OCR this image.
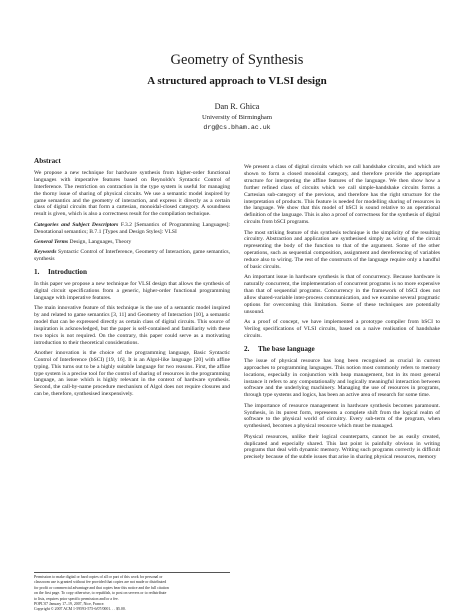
Geometry of Synthesis
A structured approach to VLSI design
Dan R. Ghica
University of Birmingham
drg@cs.bham.ac.uk
Abstract

We propose a new technique for hardware synthesis from higher-order functional languages with imperative features based on Reynolds's Syntactic Control of Interference. The restriction on contraction in the type system is useful for managing the thorny issue of sharing of physical circuits. We use a semantic model inspired by game semantics and the geometry of interaction, and express it directly as a certain class of digital circuits that form a cartesian, monoidal-closed category. A soundness result is given, which is also a correctness result for the compilation technique.

Categories and Subject Descriptors F.3.2 [Semantics of Programming Languages]: Denotational semantics; B.7.1 [Types and Design Styles]: VLSI
General Terms Design, Languages, Theory
Keywords Syntactic Control of Interference, Geometry of Interaction, game semantics, synthesis
1. Introduction

In this paper we propose a new technique for VLSI design that allows the synthesis of digital circuit specifications from a generic, higher-order functional programming language with imperative features.

The main innovative feature of this technique is the use of a semantic model inspired by and related to game semantics [3, 11] and Geometry of Interaction [10], a semantic model that can be expressed directly as certain class of digital circuits. This source of inspiration is acknowledged, but the paper is self-contained and familiarity with these two topics is not required. On the contrary, this paper could serve as a motivating introduction to their theoretical considerations.

Another innovation is the choice of the programming language, Basic Syntactic Control of Interference (bSCI) [19, 16]. It is an Algol-like language [20] with affine typing. This turns out to be a highly suitable language for two reasons. First, the affine type system is a precise tool for the control of sharing of resources in the programming language, an issue which is highly relevant in the context of hardware synthesis. Second, the call-by-name procedure mechanism of Algol does not require closures and can be, therefore, synthesised inexpensively.

We present a class of digital circuits which we call handshake circuits, and which are shown to form a closed monoidal category, and therefore provide the appropriate structure for interpreting the affine features of the language. We then show how a further refined class of circuits which we call simple-handshake circuits forms a Cartesian sub-category of the previous, and therefore has the right structure for the interpretation of products. This feature is needed for modelling sharing of resources in the language. We show that this model of bSCI is sound relative to an operational definition of the language. This is also a proof of correctness for the synthesis of digital circuits from bSCI programs.

The most striking feature of this synthesis technique is the simplicity of the resulting circuitry. Abstraction and application are synthesised simply as wiring of the circuit representing the body of the function to that of the argument. Some of the other operations, such as sequential composition, assignment and dereferencing of variables reduce also to wiring. The rest of the constructs of the language require only a handful of basic circuits.

An important issue in hardware synthesis is that of concurrency. Because hardware is naturally concurrent, the implementation of concurrent programs is no more expensive than that of sequential programs. Concurrency in the framework of bSCI does not allow shared-variable inter-process communication, and we examine several pragmatic options for overcoming this limitation. Some of these techniques are potentially unsound.

As a proof of concept, we have implemented a prototype compiler from bSCI to Verilog specifications of VLSI circuits, based on a naive realisation of handshake circuits.

2. The base language

The issue of physical resource has long been recognised as crucial in current approaches to programming languages. This notion most commonly refers to memory locations, especially in conjunction with heap management, but in its most general instance it refers to any computationally and logically meaningful interaction between software and the underlying machinery. Managing the use of resources in programs, through type systems and logics, has been an active area of research for some time.

The importance of resource management in hardware synthesis becomes paramount. Synthesis, in its purest form, represents a complete shift from the logical realm of software to the physical world of circuitry. Every sub-term of the program, when synthesised, becomes a physical resource which must be managed.

Physical resources, unlike their logical counterparts, cannot be as easily created, duplicated and especially shared. This last point is painfully obvious in writing programs that deal with dynamic memory. Writing such programs correctly is difficult precisely because of the subtle issues that arise in sharing physical resources, memory

Permission to make digital or hard copies of all or part of this work for personal or
classroom use is granted without fee provided that copies are not made or distributed
for profit or commercial advantage and that copies bear this notice and the full citation
on the first page. To copy otherwise, to republish, to post on servers or to redistribute
to lists, requires prior specific permission and/or a fee.
POPL'07 January 17–19, 2007, Nice, France.
Copyright © 2007 ACM 1-59593-575-6/07/0001. . . $5.00.
